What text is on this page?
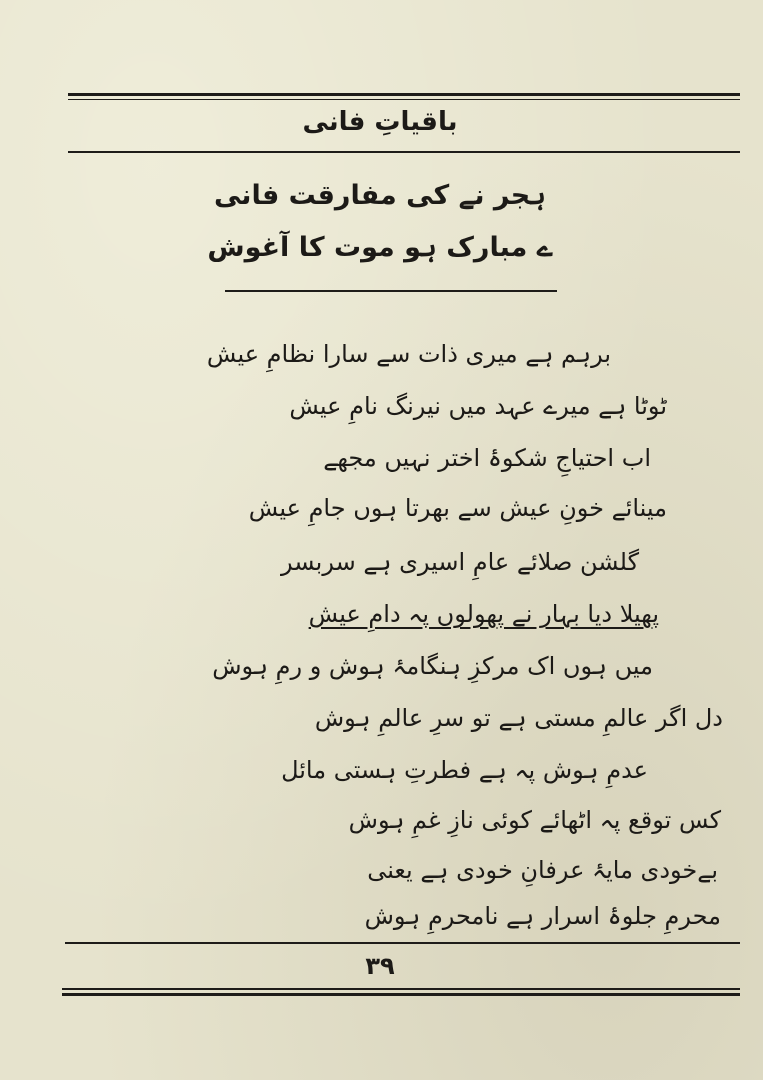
باقیاتِ فانی
ہجر نے کی مفارقت فانی
ے مبارک ہو موت کا آغوش
برہم ہے میری ذات سے سارا نظامِ عیش
ٹوٹا ہے میرے عہد میں نیرنگ نامِ عیش
اب احتیاجِ شکوۂ اختر نہیں مجھے
مینائے خونِ عیش سے بھرتا ہوں جامِ عیش
گلشن صلائے عامِ اسیری ہے سربسر
پھیلا دیا بہار نے پھولوں پہ دامِ عیش
میں ہوں اک مرکزِ ہنگامۂ ہوش و رمِ ہوش
دل اگر عالمِ مستی ہے تو سرِ عالمِ ہوش
عدمِ ہوش پہ ہے فطرتِ ہستی مائل
کس توقع پہ اٹھائے کوئی نازِ غمِ ہوش
بےخودی مایۂ عرفانِ خودی ہے یعنی
محرمِ جلوۂ اسرار ہے نامحرمِ ہوش
۳۹
